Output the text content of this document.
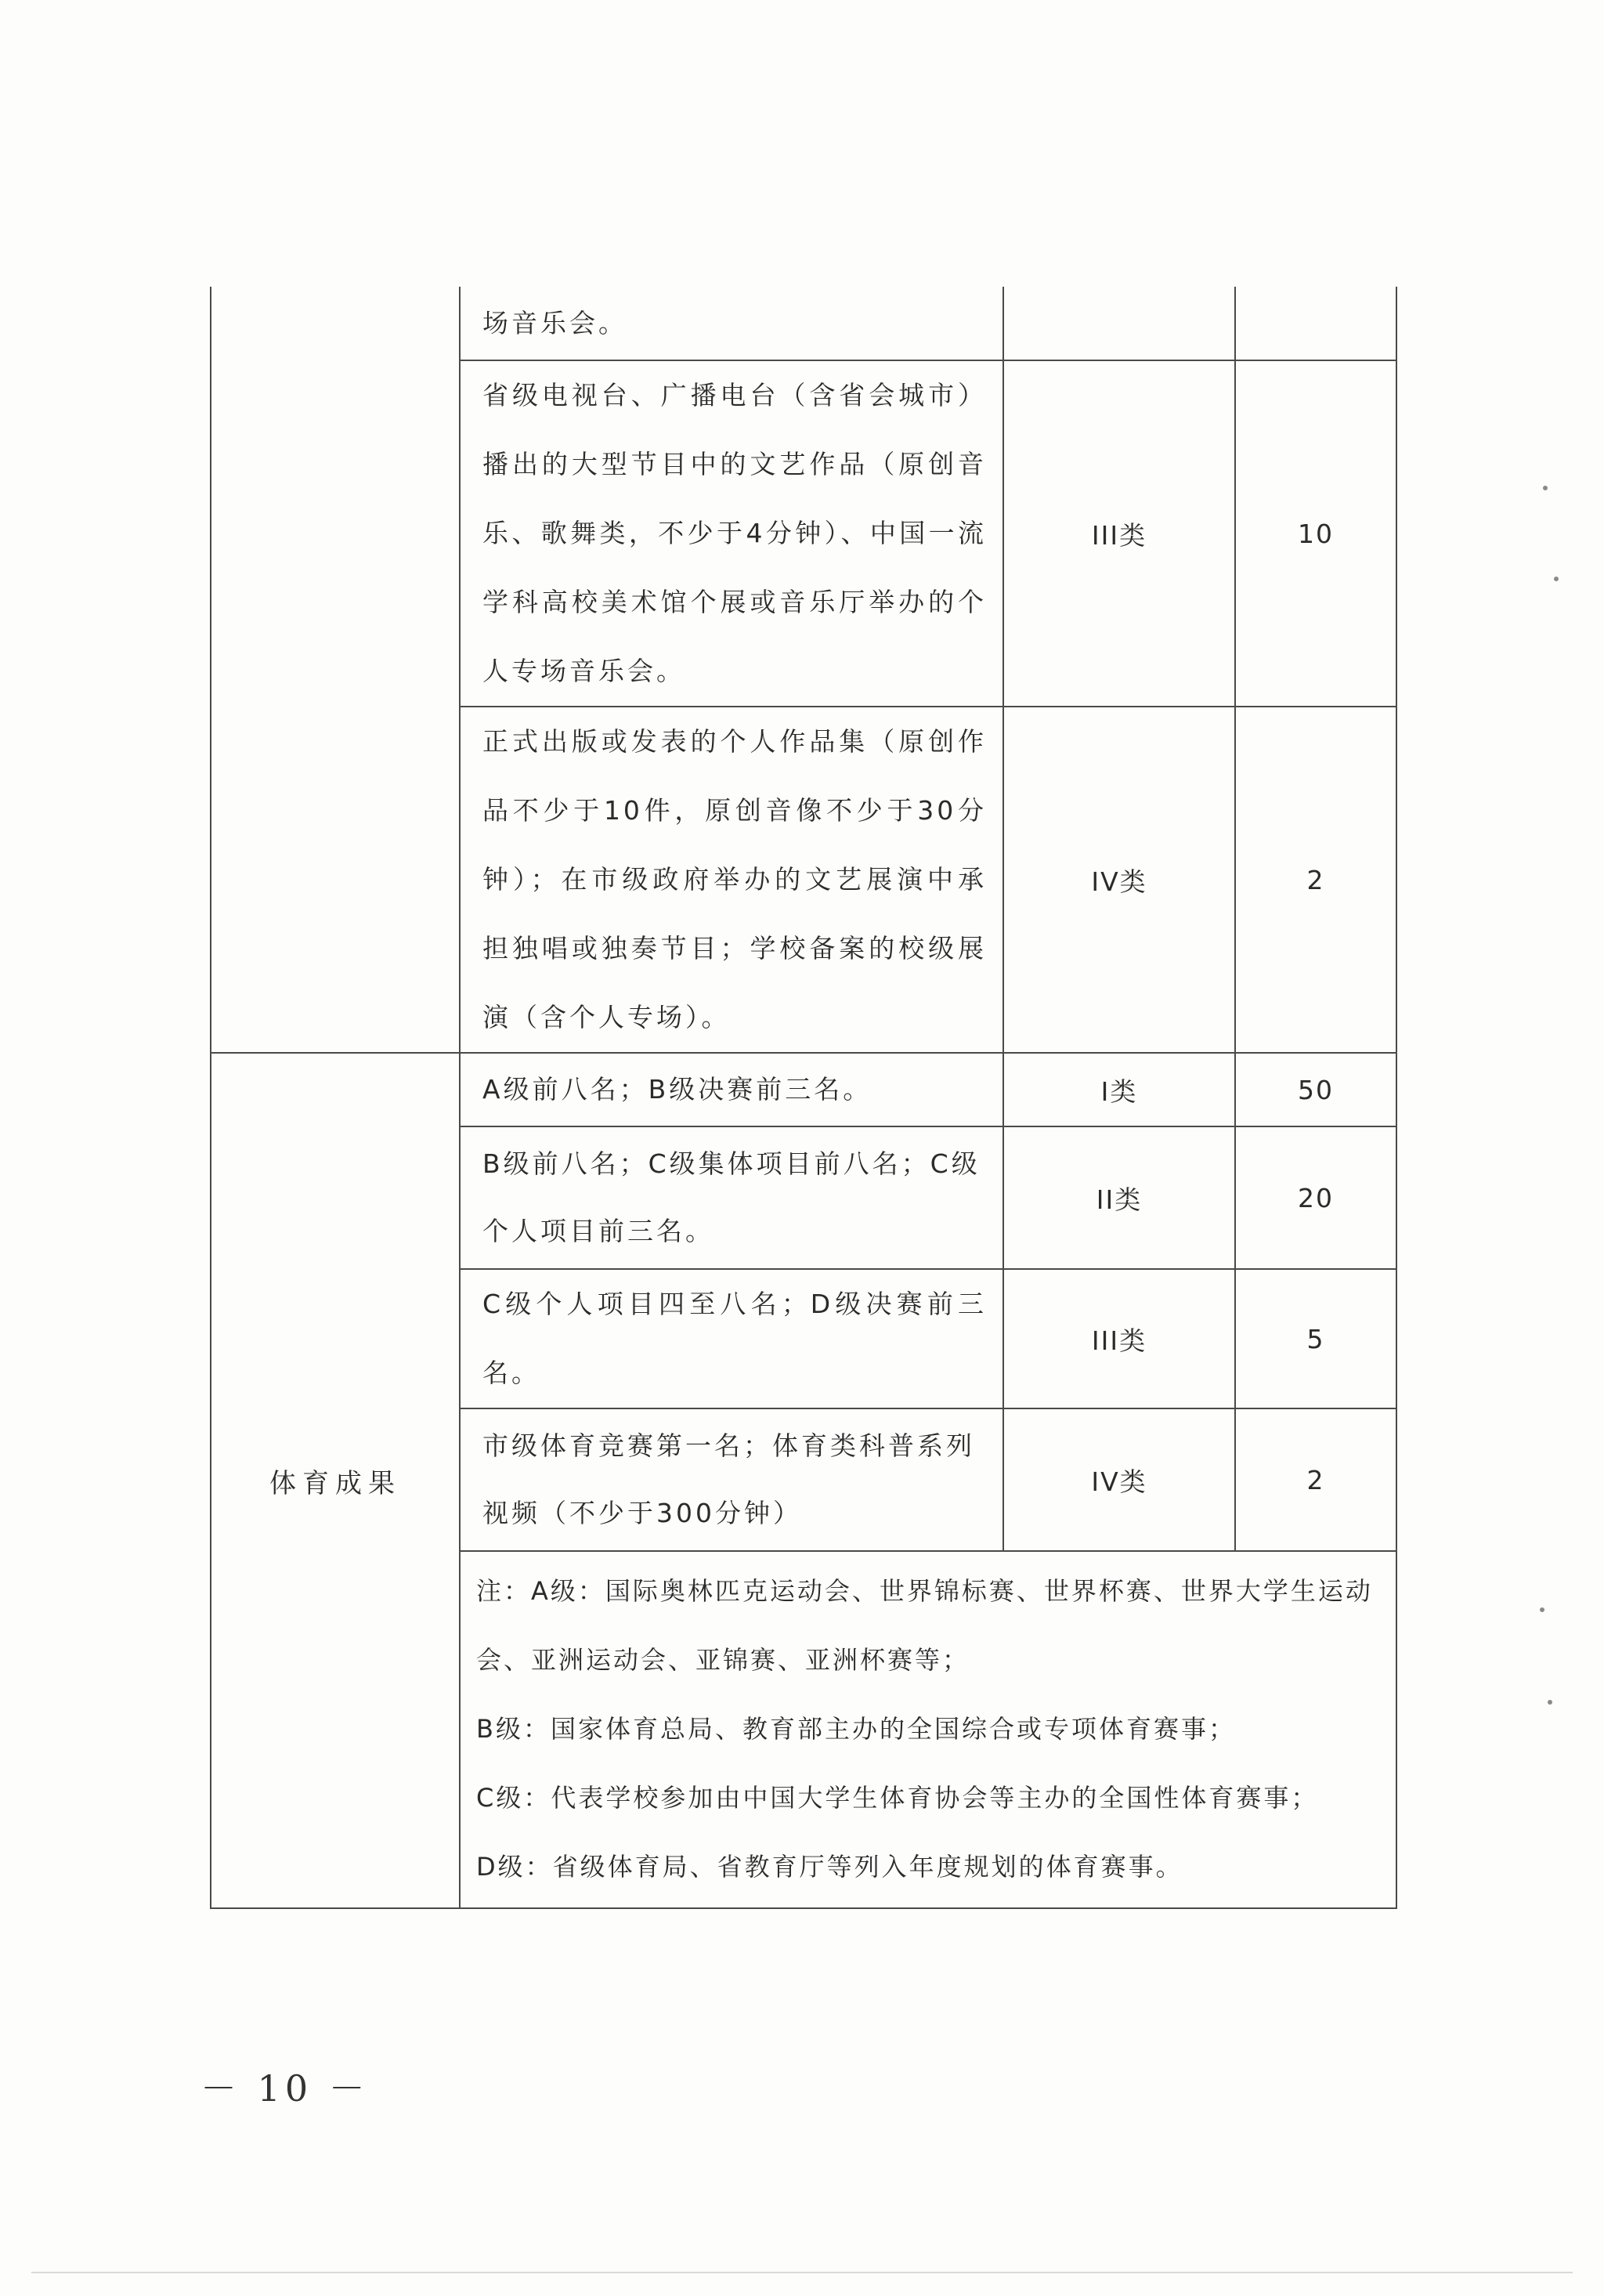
	场音乐会。		

	省级电视台、广播电台（含省会城市）播出的大型节目中的文艺作品（原创音乐、歌舞类，不少于4分钟）、中国一流学科高校美术馆个展或音乐厅举办的个人专场音乐会。	III类	10

	正式出版或发表的个人作品集（原创作品不少于10件，原创音像不少于30分钟）；在市级政府举办的文艺展演中承担独唱或独奏节目；学校备案的校级展演（含个人专场）。	IV类	2

体育成果	A级前八名；B级决赛前三名。	I类	50

	B级前八名；C级集体项目前八名；C级个人项目前三名。	II类	20

	C级个人项目四至八名；D级决赛前三名。	III类	5

	市级体育竞赛第一名；体育类科普系列视频（不少于300分钟）	IV类	2

	注：A级：国际奥林匹克运动会、世界锦标赛、世界杯赛、世界大学生运动会、亚洲运动会、亚锦赛、亚洲杯赛等；

B级：国家体育总局、教育部主办的全国综合或专项体育赛事；

C级：代表学校参加由中国大学生体育协会等主办的全国性体育赛事；

D级：省级体育局、省教育厅等列入年度规划的体育赛事。		

－ 10 －
